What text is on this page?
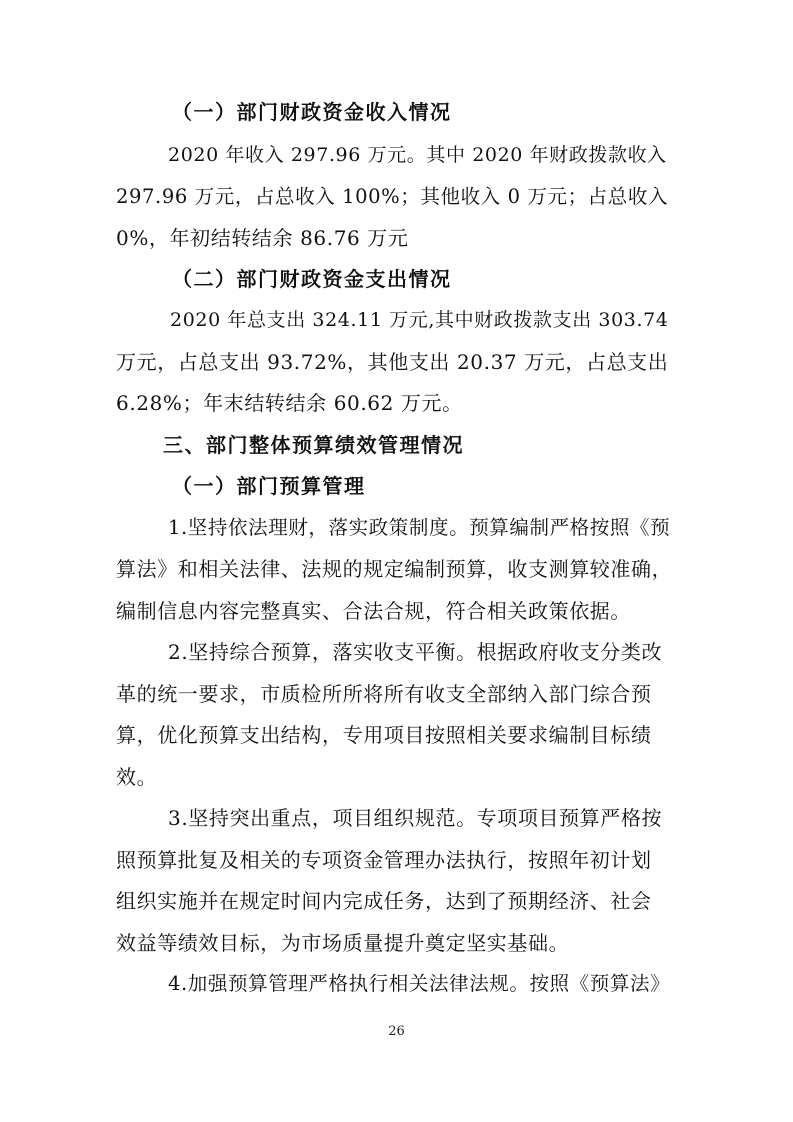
（一）部门财政资金收入情况
2020 年收入 297.96 万元。其中 2020 年财政拨款收入
297.96 万元，占总收入 100%；其他收入 0 万元；占总收入
0%，年初结转结余 86.76 万元
（二）部门财政资金支出情况
2020 年总支出 324.11 万元,其中财政拨款支出 303.74
万元，占总支出 93.72%，其他支出 20.37 万元，占总支出
6.28%；年末结转结余 60.62 万元。
三、部门整体预算绩效管理情况
（一）部门预算管理
1.坚持依法理财，落实政策制度。预算编制严格按照《预
算法》和相关法律、法规的规定编制预算，收支测算较准确，
编制信息内容完整真实、合法合规，符合相关政策依据。
2.坚持综合预算，落实收支平衡。根据政府收支分类改
革的统一要求，市质检所所将所有收支全部纳入部门综合预
算，优化预算支出结构，专用项目按照相关要求编制目标绩
效。
3.坚持突出重点，项目组织规范。专项项目预算严格按
照预算批复及相关的专项资金管理办法执行，按照年初计划
组织实施并在规定时间内完成任务，达到了预期经济、社会
效益等绩效目标，为市场质量提升奠定坚实基础。
4.加强预算管理严格执行相关法律法规。按照《预算法》
26
